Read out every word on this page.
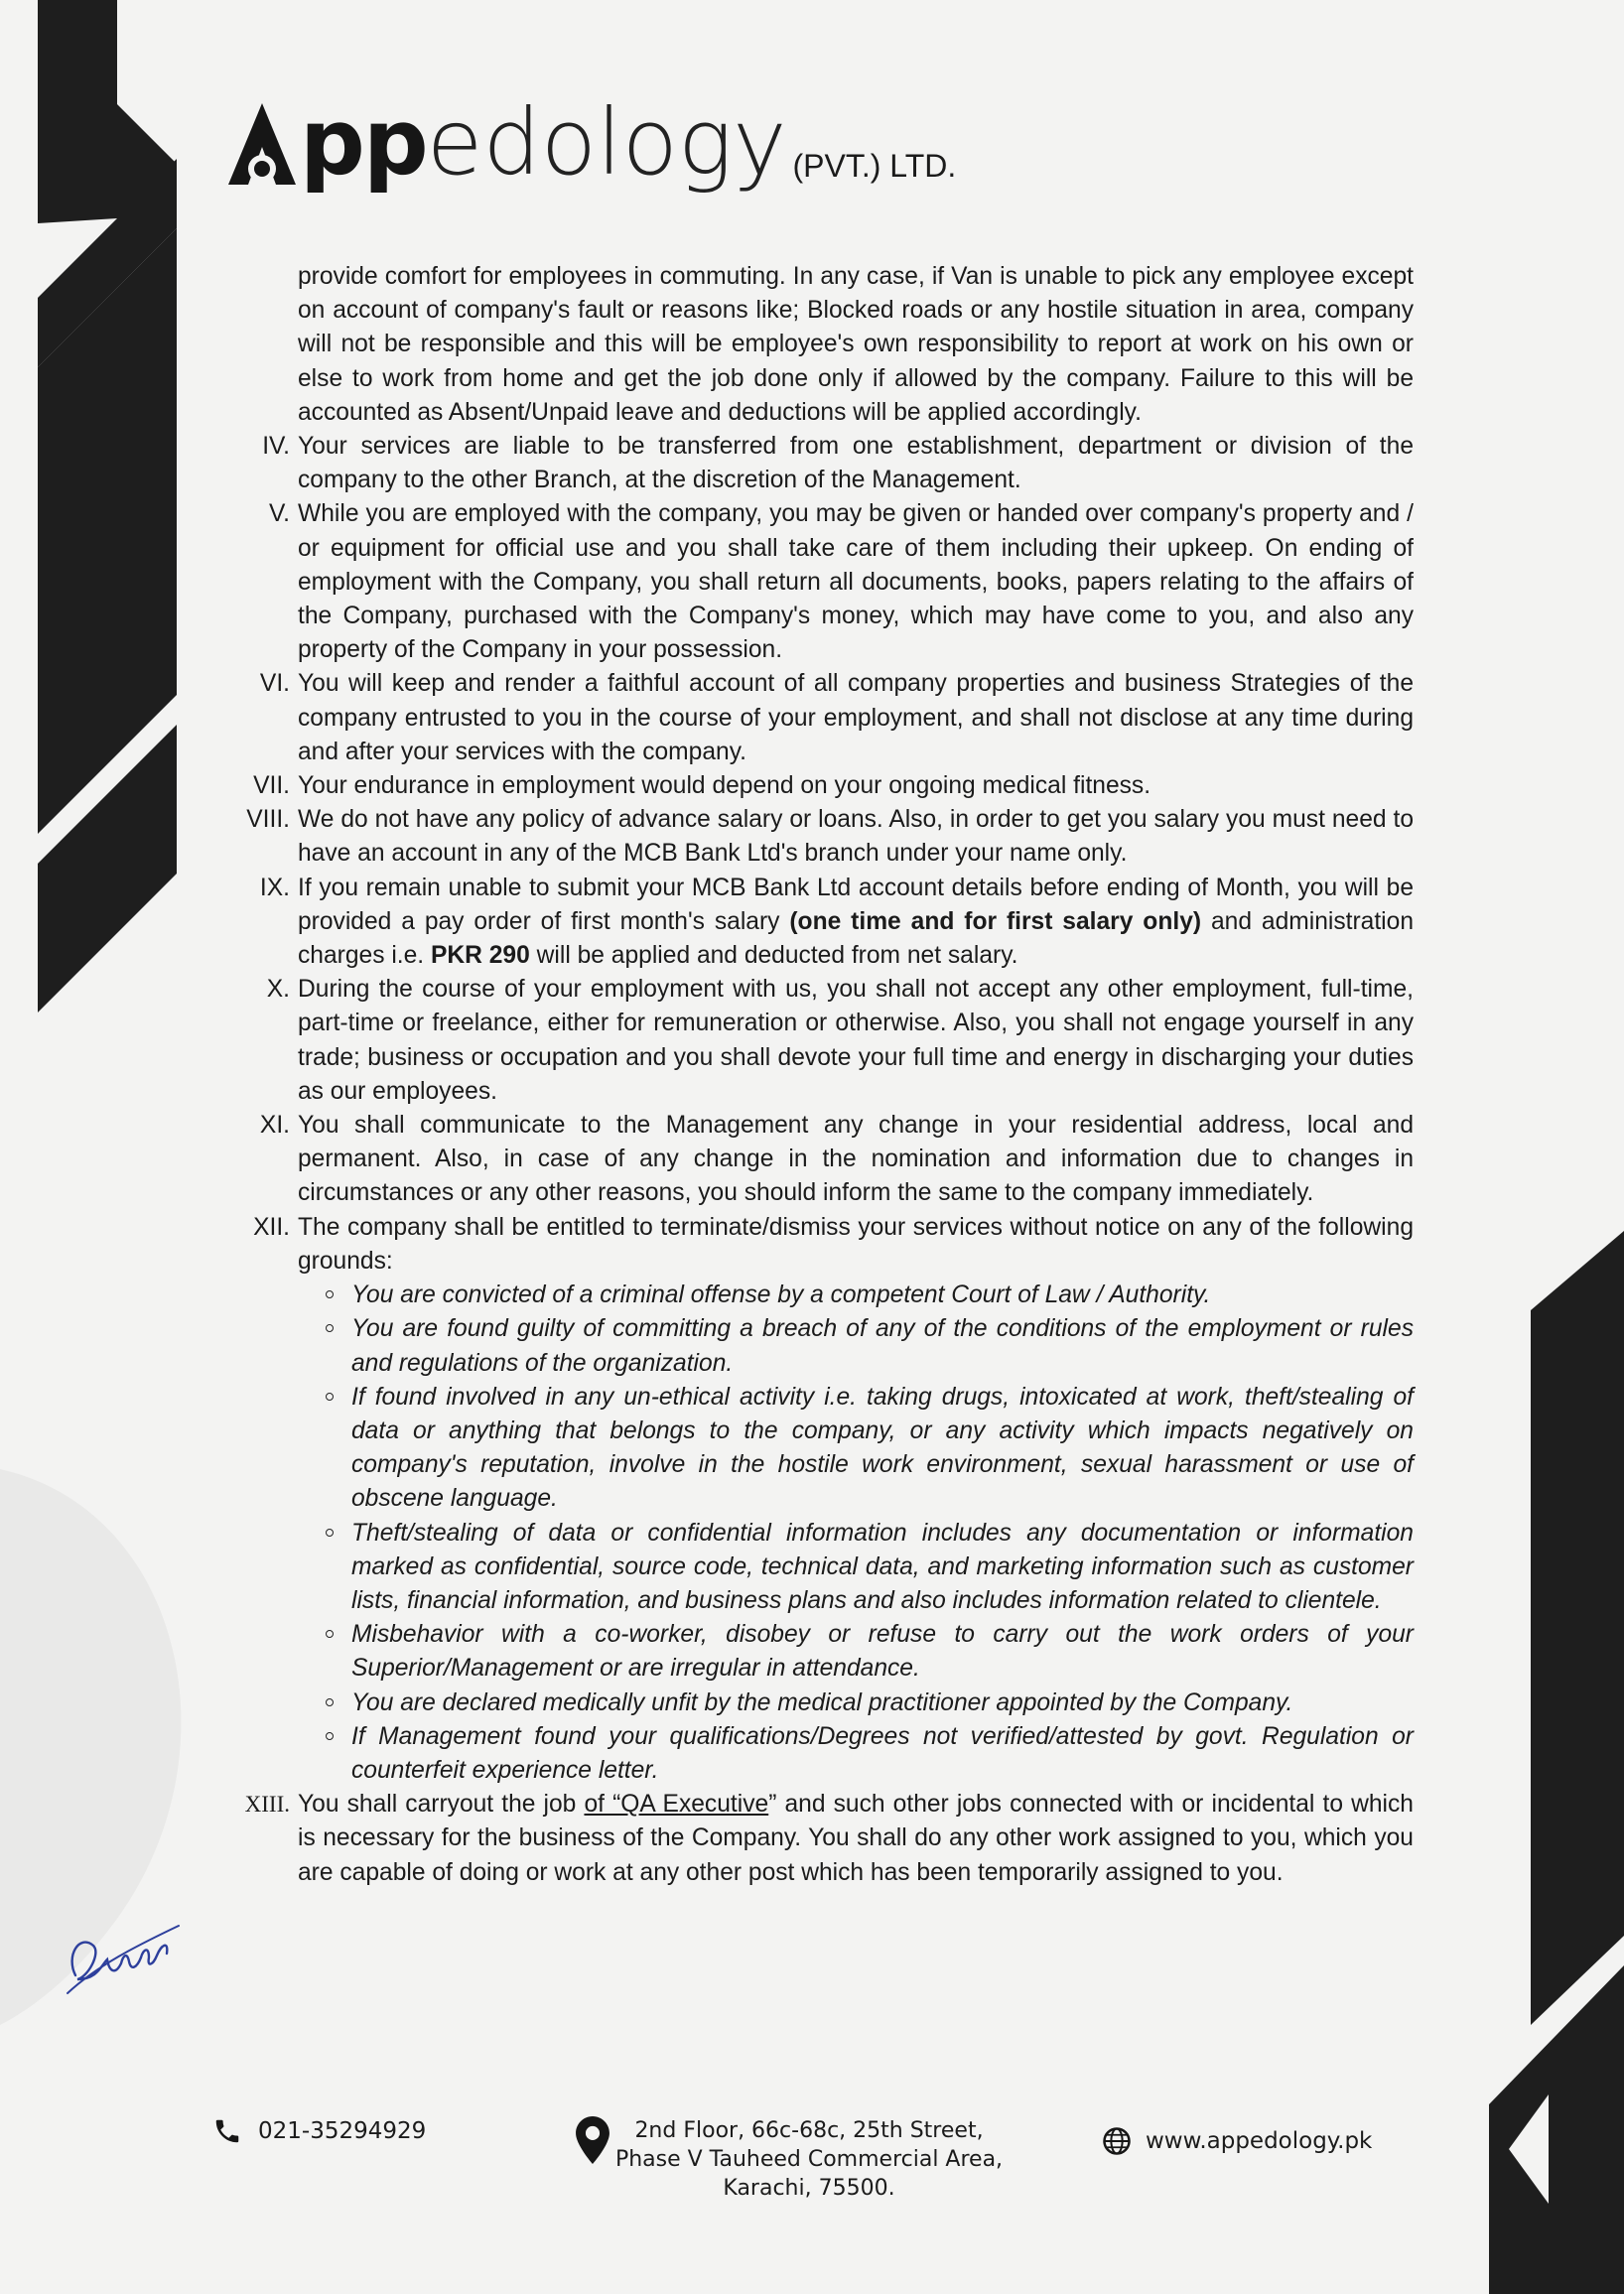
pp edology (PVT.) LTD.

provide comfort for employees in commuting. In any case, if Van is unable to pick any employee except on account of company's fault or reasons like; Blocked roads or any hostile situation in area, company will not be responsible and this will be employee's own responsibility to report at work on his own or else to work from home and get the job done only if allowed by the company. Failure to this will be accounted as Absent/Unpaid leave and deductions will be applied accordingly.

IV. Your services are liable to be transferred from one establishment, department or division of the company to the other Branch, at the discretion of the Management.
V. While you are employed with the company, you may be given or handed over company's property and / or equipment for official use and you shall take care of them including their upkeep. On ending of employment with the Company, you shall return all documents, books, papers relating to the affairs of the Company, purchased with the Company's money, which may have come to you, and also any property of the Company in your possession.
VI. You will keep and render a faithful account of all company properties and business Strategies of the company entrusted to you in the course of your employment, and shall not disclose at any time during and after your services with the company.
VII. Your endurance in employment would depend on your ongoing medical fitness.
VIII. We do not have any policy of advance salary or loans. Also, in order to get you salary you must need to have an account in any of the MCB Bank Ltd's branch under your name only.
IX. If you remain unable to submit your MCB Bank Ltd account details before ending of Month, you will be provided a pay order of first month's salary (one time and for first salary only) and administration charges i.e. PKR 290 will be applied and deducted from net salary.
X. During the course of your employment with us, you shall not accept any other employment, full-time, part-time or freelance, either for remuneration or otherwise. Also, you shall not engage yourself in any trade; business or occupation and you shall devote your full time and energy in discharging your duties as our employees.
XI. You shall communicate to the Management any change in your residential address, local and permanent. Also, in case of any change in the nomination and information due to changes in circumstances or any other reasons, you should inform the same to the company immediately.
XII. The company shall be entitled to terminate/dismiss your services without notice on any of the following grounds:
You are convicted of a criminal offense by a competent Court of Law / Authority.
You are found guilty of committing a breach of any of the conditions of the employment or rules and regulations of the organization.
If found involved in any un-ethical activity i.e. taking drugs, intoxicated at work, theft/stealing of data or anything that belongs to the company, or any activity which impacts negatively on company's reputation, involve in the hostile work environment, sexual harassment or use of obscene language.
Theft/stealing of data or confidential information includes any documentation or information marked as confidential, source code, technical data, and marketing information such as customer lists, financial information, and business plans and also includes information related to clientele.
Misbehavior with a co-worker, disobey or refuse to carry out the work orders of your Superior/Management or are irregular in attendance.
You are declared medically unfit by the medical practitioner appointed by the Company.
If Management found your qualifications/Degrees not verified/attested by govt. Regulation or counterfeit experience letter.
XIII. You shall carryout the job of “QA Executive” and such other jobs connected with or incidental to which is necessary for the business of the Company. You shall do any other work assigned to you, which you are capable of doing or work at any other post which has been temporarily assigned to you.
021-35294929	2nd Floor, 66c-68c, 25th Street,
Phase V Tauheed Commercial Area,
Karachi, 75500.
www.appedology.pk
